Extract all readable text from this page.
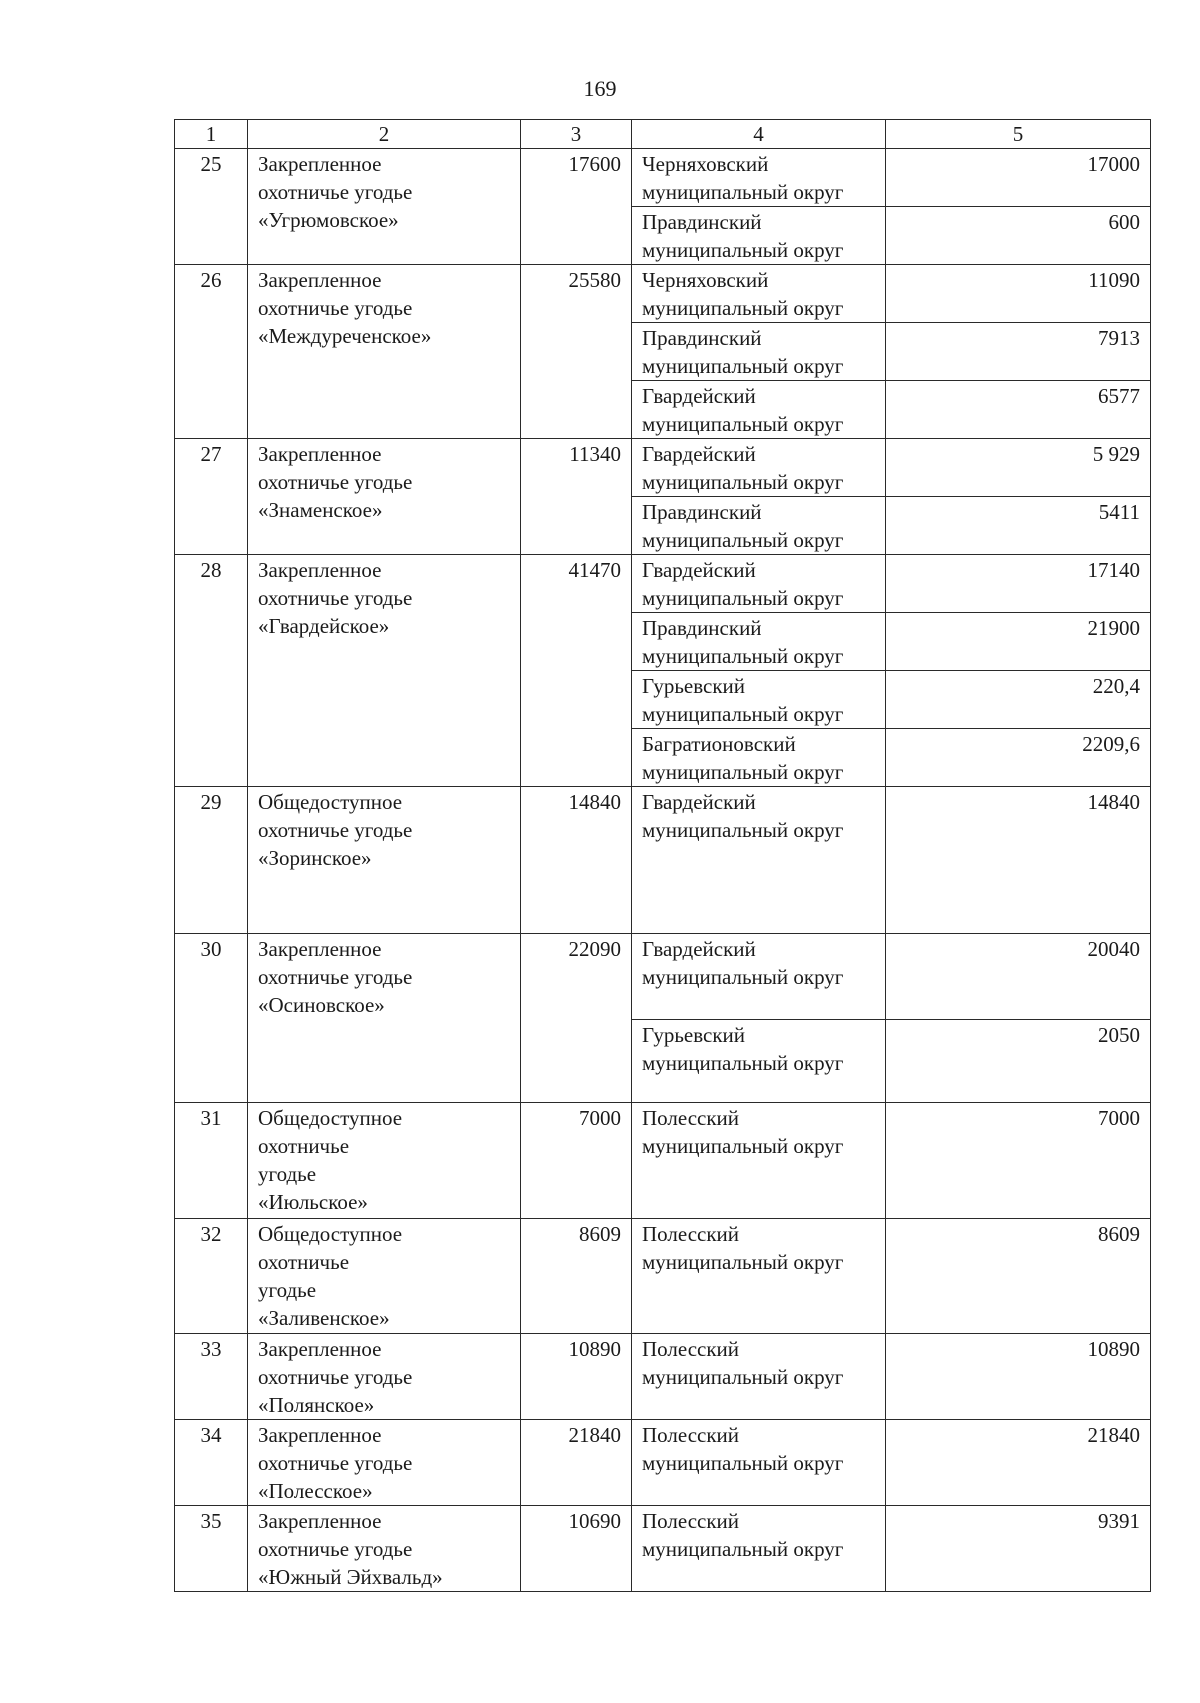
169
1	2	3	4	5
25	Закрепленное
охотничье угодье
«Угрюмовское»	17600	Черняховский
муниципальный округ	17000
			Правдинский
муниципальный округ	600
26	Закрепленное
охотничье угодье
«Междуреченское»	25580	Черняховский
муниципальный округ	11090
			Правдинский
муниципальный округ	7913
			Гвардейский
муниципальный округ	6577
27	Закрепленное
охотничье угодье
«Знаменское»	11340	Гвардейский
муниципальный округ	5 929
			Правдинский
муниципальный округ	5411
28	Закрепленное
охотничье угодье
«Гвардейское»	41470	Гвардейский
муниципальный округ	17140
			Правдинский
муниципальный округ	21900
			Гурьевский
муниципальный округ	220,4
			Багратионовский
муниципальный округ	2209,6
29	Общедоступное
охотничье угодье
«Зоринское»	14840	Гвардейский
муниципальный округ	14840
30	Закрепленное
охотничье угодье
«Осиновское»	22090	Гвардейский
муниципальный округ	20040
			Гурьевский
муниципальный округ	2050
31	Общедоступное
охотничье
угодье
«Июльское»	7000	Полесский
муниципальный округ	7000
32	Общедоступное
охотничье
угодье
«Заливенское»	8609	Полесский
муниципальный округ	8609
33	Закрепленное
охотничье угодье
«Полянское»	10890	Полесский
муниципальный округ	10890
34	Закрепленное
охотничье угодье
«Полесское»	21840	Полесский
муниципальный округ	21840
35	Закрепленное
охотничье угодье
«Южный Эйхвальд»	10690	Полесский
муниципальный округ	9391
